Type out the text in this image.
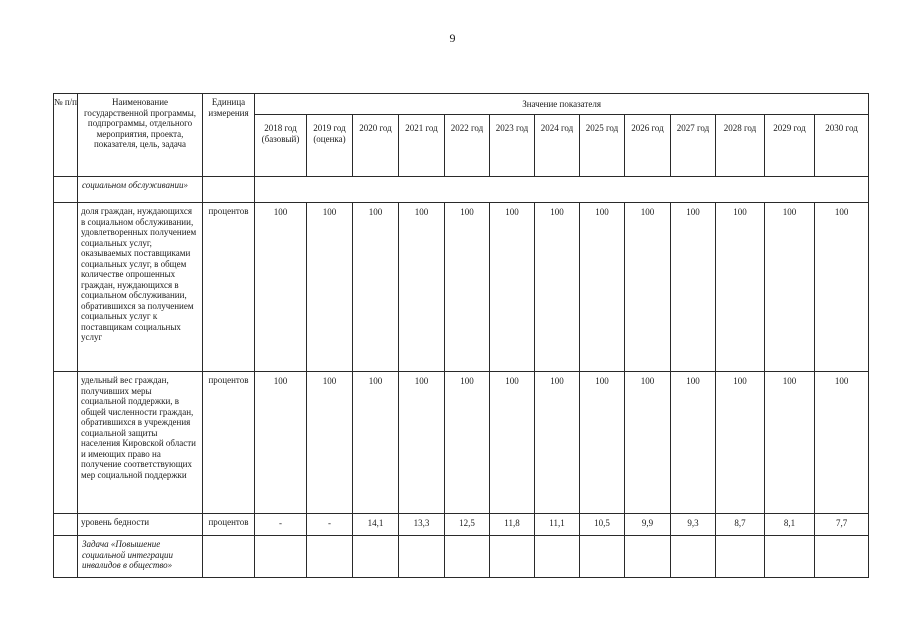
9
№ п/п	Наименование государственной программы, подпрограммы, отдельного мероприятия, проекта, показателя, цель, задача	Единица измерения	Значение показателя												
			2018 год (базовый)	2019 год (оценка)	2020 год	2021 год	2022 год	2023 год	2024 год	2025 год	2026 год	2027 год	2028 год	2029 год	2030 год
	социальном обслуживании»														
	доля граждан, нуждающихся в социальном обслуживании, удовлетворенных получением социальных услуг, оказываемых поставщиками социальных услуг, в общем количестве опрошенных граждан, нуждающихся в социальном обслуживании, обратившихся за получением социальных услуг к поставщикам социальных услуг	процентов	100	100	100	100	100	100	100	100	100	100	100	100	100
	удельный вес граждан, получивших меры социальной поддержки, в общей численности граждан, обратившихся в учреждения социальной защиты населения Кировской области и имеющих право на получение соответствующих мер социальной поддержки	процентов	100	100	100	100	100	100	100	100	100	100	100	100	100
	уровень бедности	процентов	-	-	14,1	13,3	12,5	11,8	11,1	10,5	9,9	9,3	8,7	8,1	7,7
	Задача «Повышение социальной интеграции инвалидов в общество»														
